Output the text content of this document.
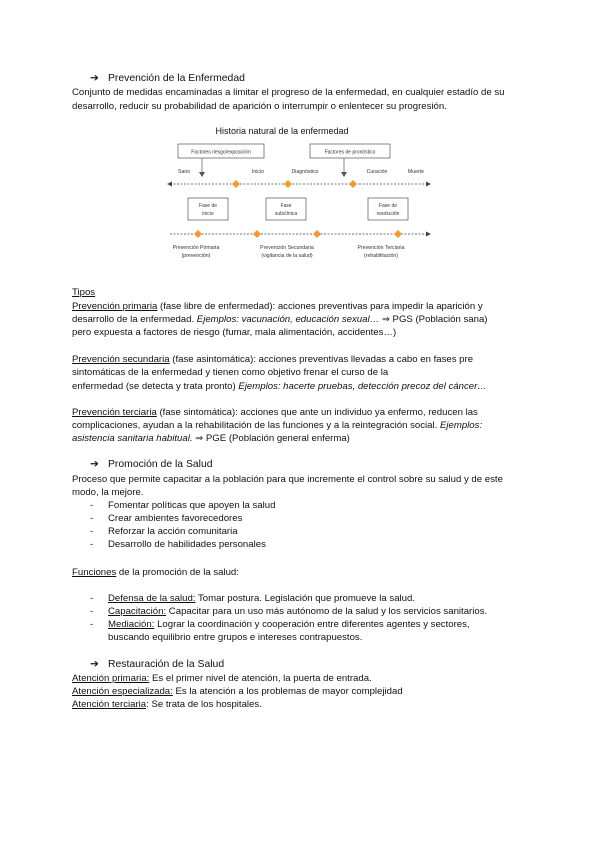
➔ Prevención de la Enfermedad
Conjunto de medidas encaminadas a limitar el progreso de la enfermedad, en cualquier estadío de su
desarrollo, reducir su probabilidad de aparición o interrumpir o enlentecer su progresión.
Historia natural de la enfermedad
Factores riesgo/exposición	Factores de pronóstico
Sano	Inicio	Diagnóstico	Curación	Muerte
Fase de
inicio
Fase
subclínica
Fase de
resolución
Prevención Primaria
(prevención)
Prevención Secundaria
(vigilancia de la salud)
Prevención Terciaria
(rehabilitación)
Tipos
Prevención primaria (fase libre de enfermedad): acciones preventivas para impedir la aparición y
desarrollo de la enfermedad. Ejemplos: vacunación, educación sexual… ⇒ PGS (Población sana)
pero expuesta a factores de riesgo (fumar, mala alimentación, accidentes…)
Prevención secundaria (fase asintomática): acciones preventivas llevadas a cabo en fases pre
sintomáticas de la enfermedad y tienen como objetivo frenar el curso de la
enfermedad (se detecta y trata pronto) Ejemplos: hacerte pruebas, detección precoz del cáncer…
Prevención terciaria (fase sintomática): acciones que ante un individuo ya enfermo, reducen las
complicaciones, ayudan a la rehabilitación de las funciones y a la reintegración social. Ejemplos:
asistencia sanitaria habitual. ⇒ PGE (Población general enferma)
➔ Promoción de la Salud
Proceso que permite capacitar a la población para que incremente el control sobre su salud y de este
modo, la mejore.
- Fomentar políticas que apoyen la salud
- Crear ambientes favorecedores
- Reforzar la acción comunitaria
- Desarrollo de habilidades personales
Funciones de la promoción de la salud:
- Defensa de la salud: Tomar postura. Legislación que promueve la salud.
- Capacitación: Capacitar para un uso más autónomo de la salud y los servicios sanitarios.
- Mediación: Lograr la coordinación y cooperación entre diferentes agentes y sectores,
buscando equilibrio entre grupos e intereses contrapuestos.
➔ Restauración de la Salud
Atención primaria: Es el primer nivel de atención, la puerta de entrada.
Atención especializada: Es la atención a los problemas de mayor complejidad
Atención terciaria: Se trata de los hospitales.
